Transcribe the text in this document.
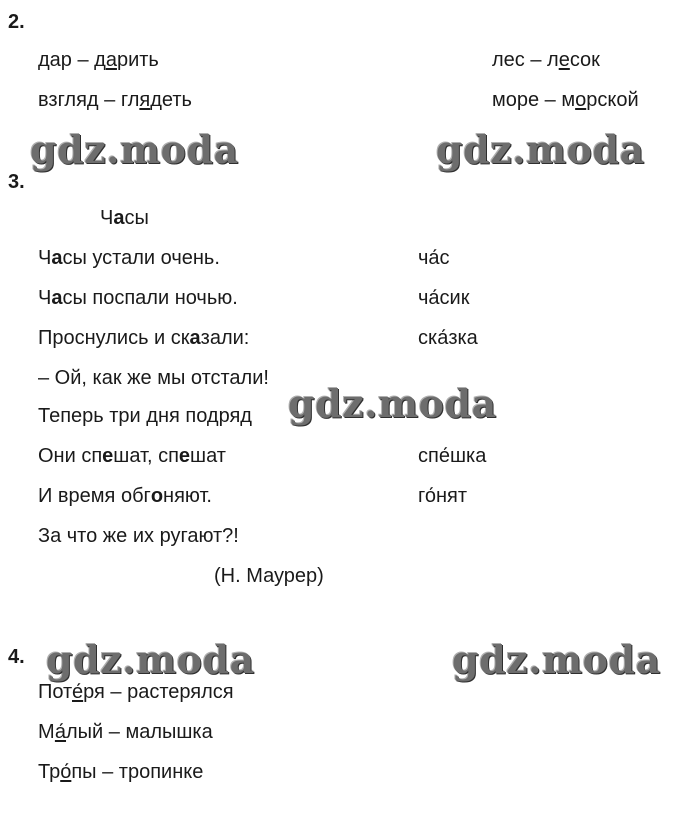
2.
дар – дарить
взгляд – глядеть
лес – лесок
море – морской
gdz.moda	gdz.moda
3.
Часы
Часы устали очень.
Часы поспали ночью.
Проснулись и сказали:
– Ой, как же мы отстали!
Теперь три дня подряд
Они спешат, спешат
И время обгоняют.
За что же их ругают?!
(Н. Маурер)
ча́с
ча́сик
ска́зка
спе́шка
го́нят
gdz.moda
4. gdz.moda	gdz.moda
Поте́ря – растерялся
Ма́лый – малышка
Тро́пы – тропинке
